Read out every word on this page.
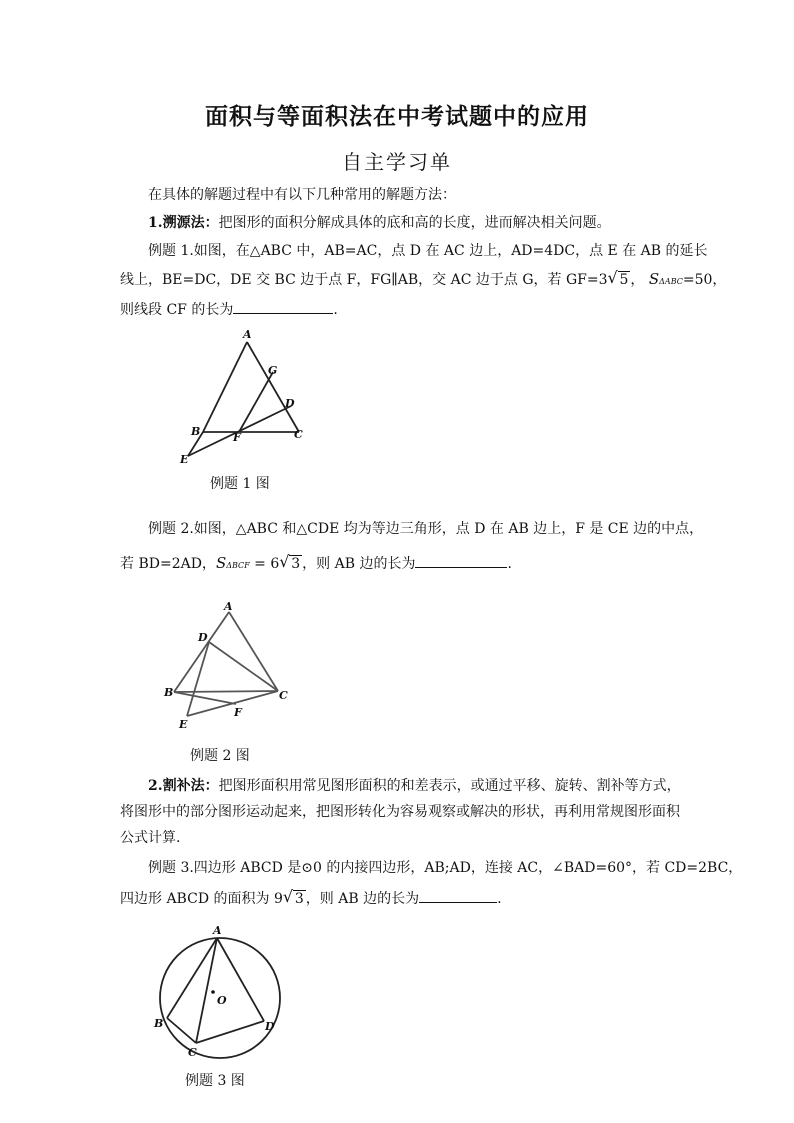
面积与等面积法在中考试题中的应用
自主学习单
在具体的解题过程中有以下几种常用的解题方法：
1.溯源法：把图形的面积分解成具体的底和高的长度，进而解决相关问题。
例题 1.如图，在△ABC 中，AB=AC，点 D 在 AC 边上，AD=4DC，点 E 在 AB 的延长
线上，BE=DC，DE 交 BC 边于点 F，FG∥AB，交 AC 边于点 G，若 GF=3 √ 5 ， SΔABC=50，
则线段 CF 的长为	.
A
G
D
B	F	C
E
例题 1 图
例题 2.如图，△ABC 和△CDE 均为等边三角形，点 D 在 AB 边上，F 是 CE 边的中点，
若 BD=2AD，SΔBCF = 6 √ 3 ，则 AB 边的长为	.
A
D
B	C
E
F
例题 2 图
2.割补法：把图形面积用常见图形面积的和差表示，或通过平移、旋转、割补等方式，
将图形中的部分图形运动起来，把图形转化为容易观察或解决的形状，再利用常规图形面积
公式计算.
例题 3.四边形 ABCD 是⊙0 的内接四边形，AB;AD，连接 AC，∠BAD=60°，若 CD=2BC，
四边形 ABCD 的面积为 9 √ 3 ，则 AB 边的长为	.
A
O
B	D
C
例题 3 图
